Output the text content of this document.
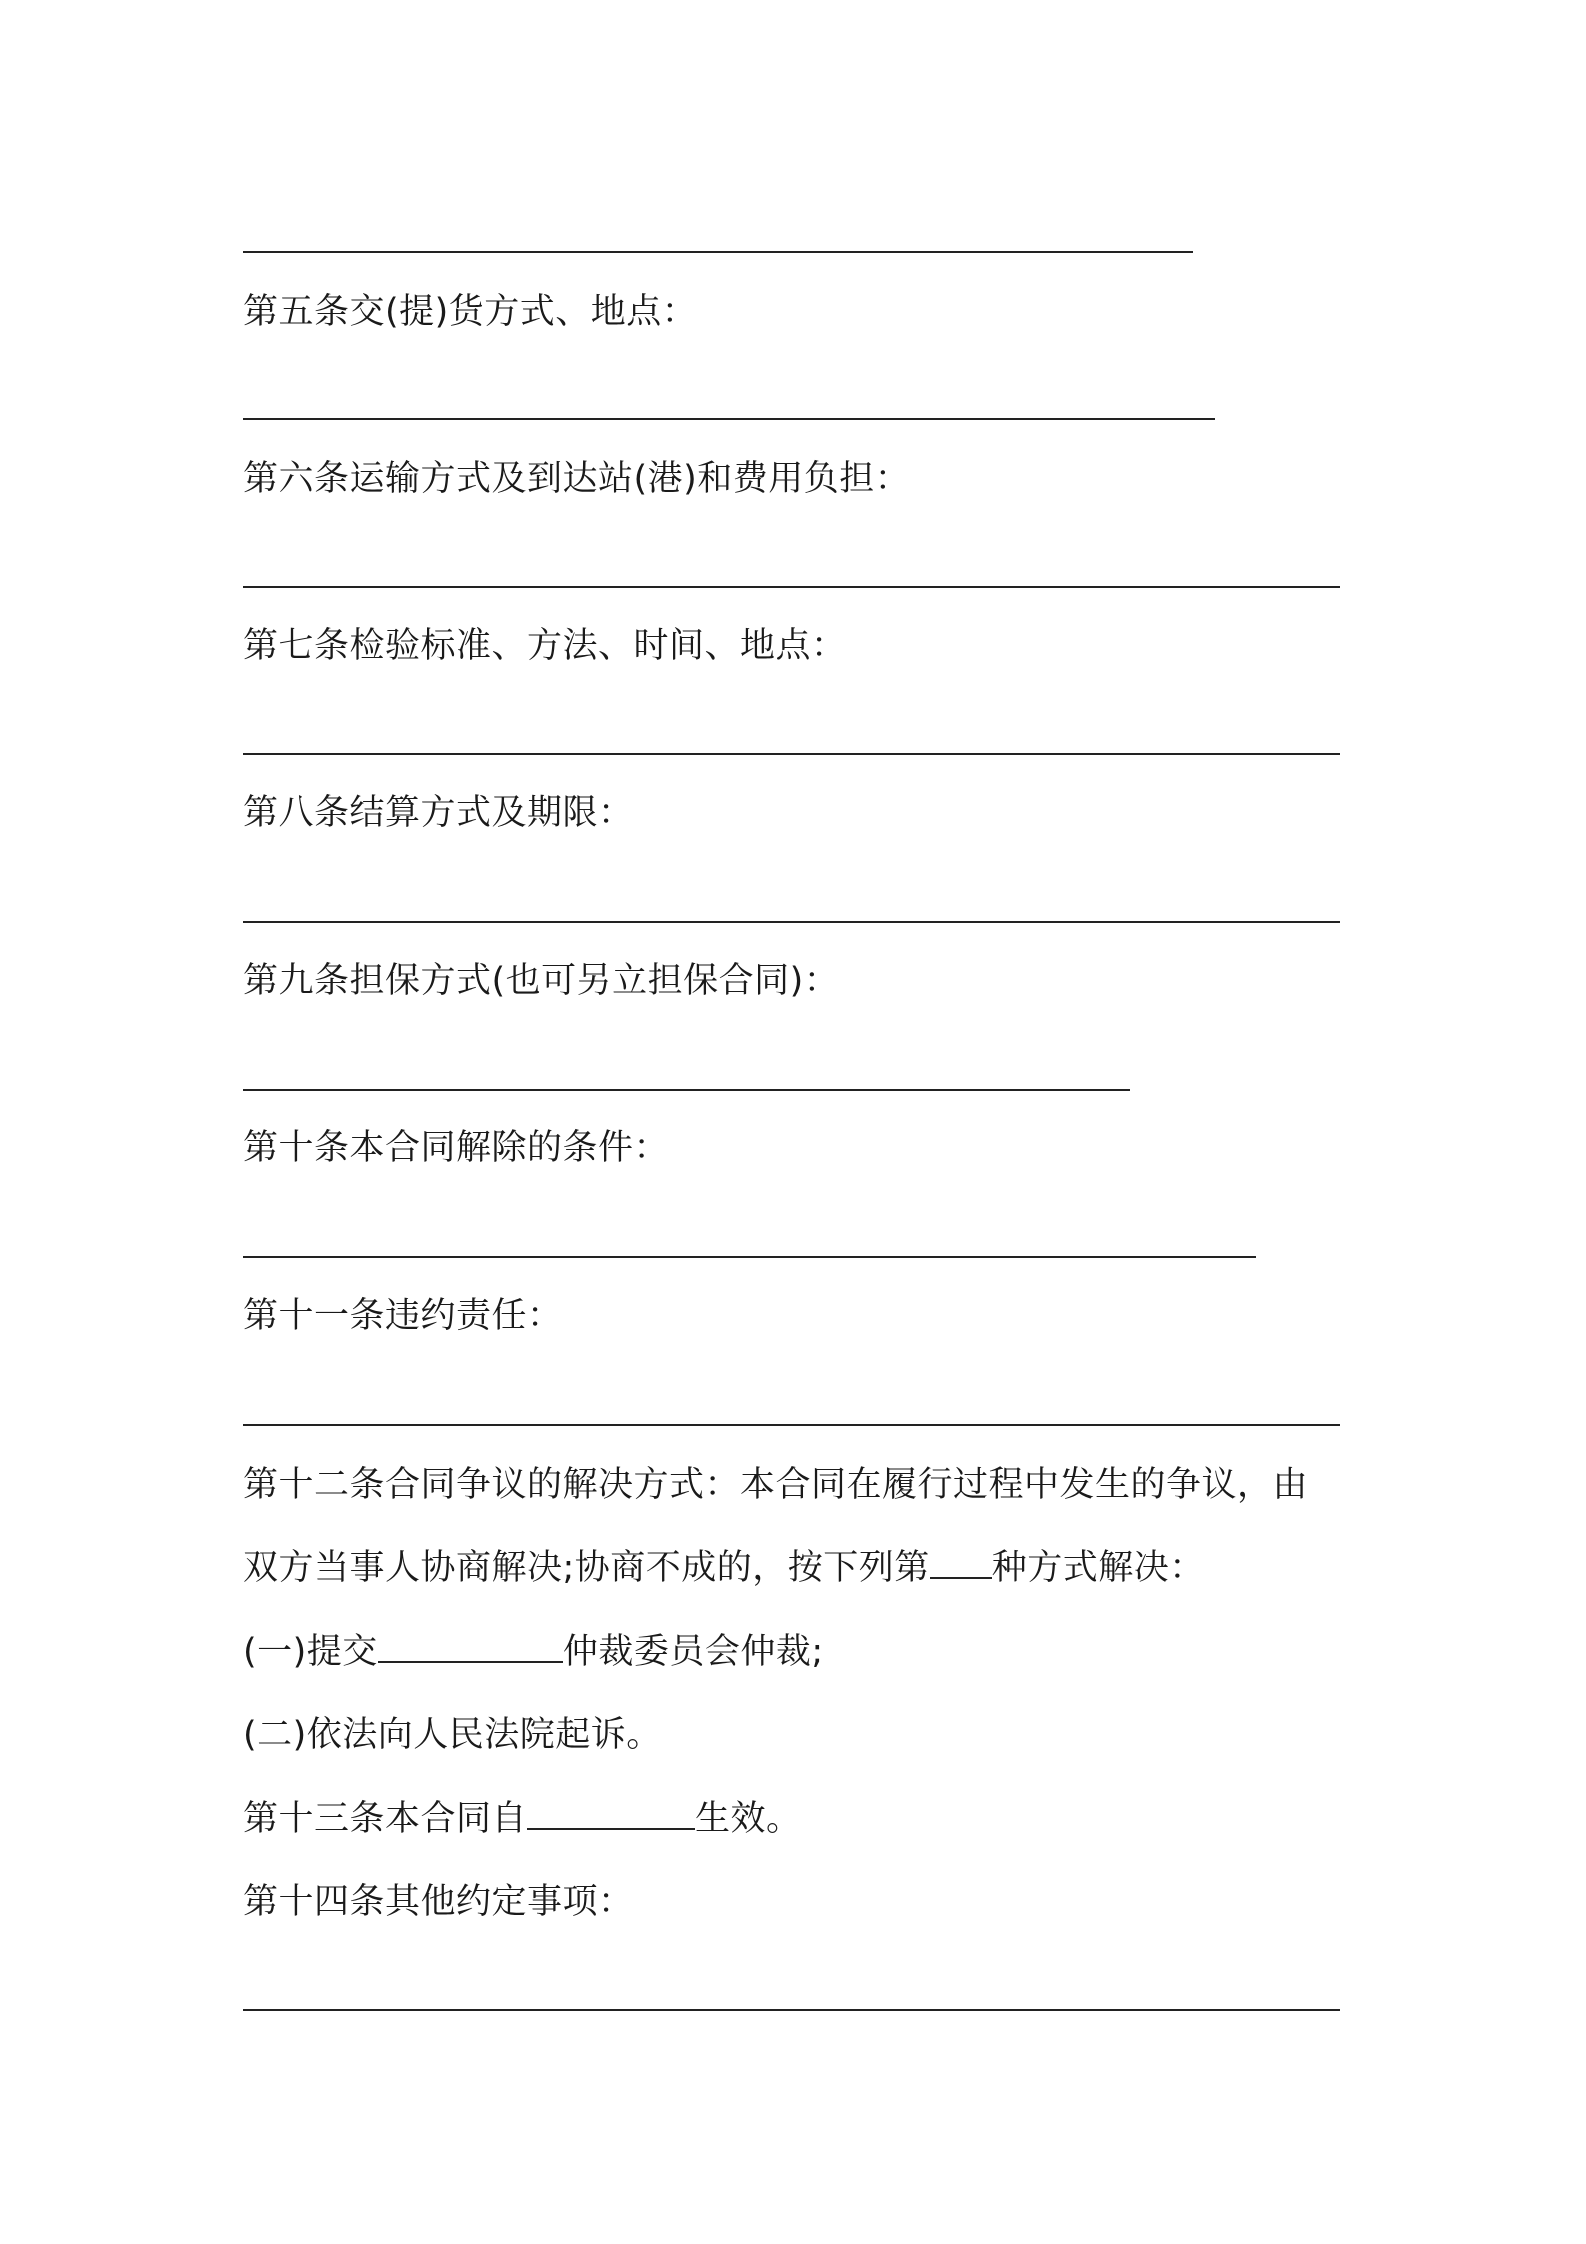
第五条交(提)货方式、地点：
第六条运输方式及到达站(港)和费用负担：
第七条检验标准、方法、时间、地点：
第八条结算方式及期限：
第九条担保方式(也可另立担保合同)：
第十条本合同解除的条件：
第十一条违约责任：
第十二条合同争议的解决方式：本合同在履行过程中发生的争议，由
双方当事人协商解决;协商不成的，按下列第 种方式解决：
(一)提交	仲裁委员会仲裁;
(二)依法向人民法院起诉。
第十三条本合同自	生效。
第十四条其他约定事项：
